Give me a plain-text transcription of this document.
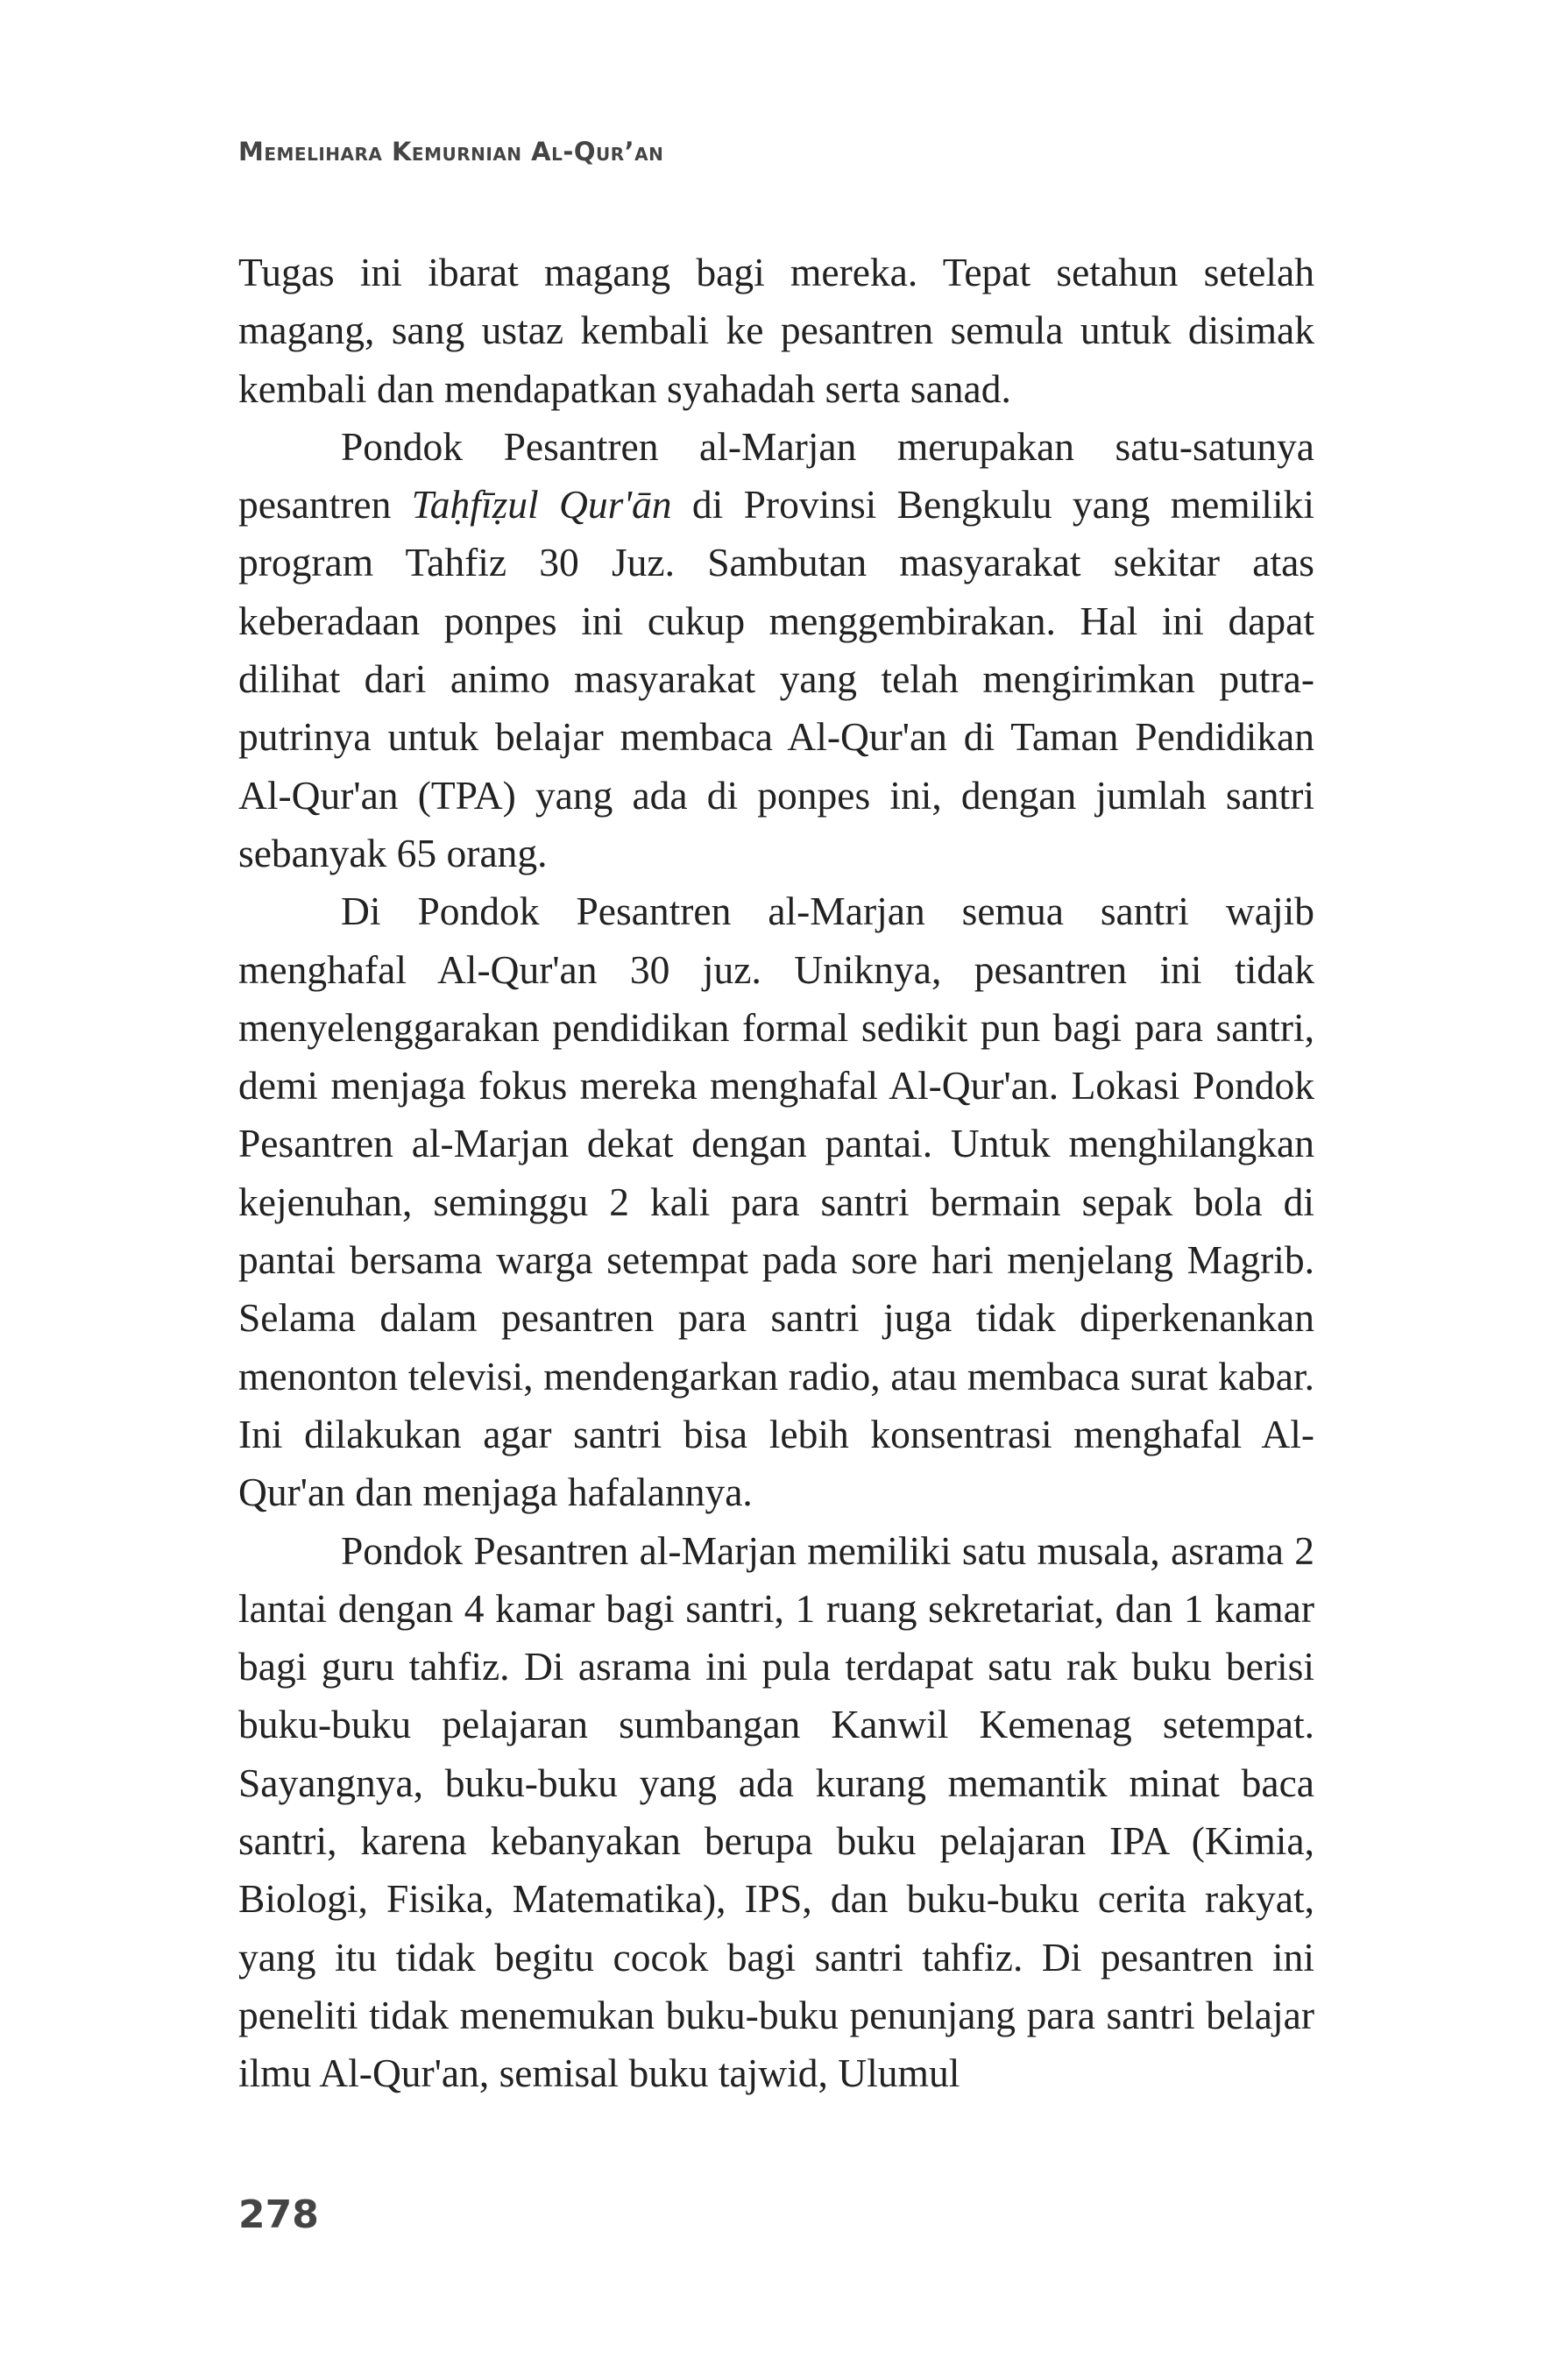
Memelihara Kemurnian Al-Qur’an

Tugas ini ibarat magang bagi mereka. Tepat setahun setelah magang, sang ustaz kembali ke pesantren semula untuk disimak kembali dan mendapatkan syahadah serta sanad.

Pondok Pesantren al-Marjan merupakan satu-satunya pesantren Taḥfīẓul Qur'ān di Provinsi Bengkulu yang memiliki program Tahfiz 30 Juz. Sambutan masyarakat sekitar atas keberadaan ponpes ini cukup menggembirakan. Hal ini dapat dilihat dari animo masyarakat yang telah mengirimkan putra-putrinya untuk belajar membaca Al-Qur'an di Taman Pendidikan Al-Qur'an (TPA) yang ada di ponpes ini, dengan jumlah santri sebanyak 65 orang.

Di Pondok Pesantren al-Marjan semua santri wajib menghafal Al-Qur'an 30 juz. Uniknya, pesantren ini tidak menyelenggarakan pendidikan formal sedikit pun bagi para santri, demi menjaga fokus mereka menghafal Al-Qur'an. Lokasi Pondok Pesantren al-Marjan dekat dengan pantai. Untuk menghilangkan kejenuhan, seminggu 2 kali para santri bermain sepak bola di pantai bersama warga setempat pada sore hari menjelang Magrib. Selama dalam pesantren para santri juga tidak diperkenankan menonton televisi, mendengarkan radio, atau membaca surat kabar. Ini dilakukan agar santri bisa lebih konsentrasi menghafal Al-Qur'an dan menjaga hafalannya.

Pondok Pesantren al-Marjan memiliki satu musala, asrama 2 lantai dengan 4 kamar bagi santri, 1 ruang sekretariat, dan 1 kamar bagi guru tahfiz. Di asrama ini pula terdapat satu rak buku berisi buku-buku pelajaran sumbangan Kanwil Kemenag setempat. Sayangnya, buku-buku yang ada kurang memantik minat baca santri, karena kebanyakan berupa buku pelajaran IPA (Kimia, Biologi, Fisika, Matematika), IPS, dan buku-buku cerita rakyat, yang itu tidak begitu cocok bagi santri tahfiz. Di pesantren ini peneliti tidak menemukan buku-buku penunjang para santri belajar ilmu Al-Qur'an, semisal buku tajwid, Ulumul

278
